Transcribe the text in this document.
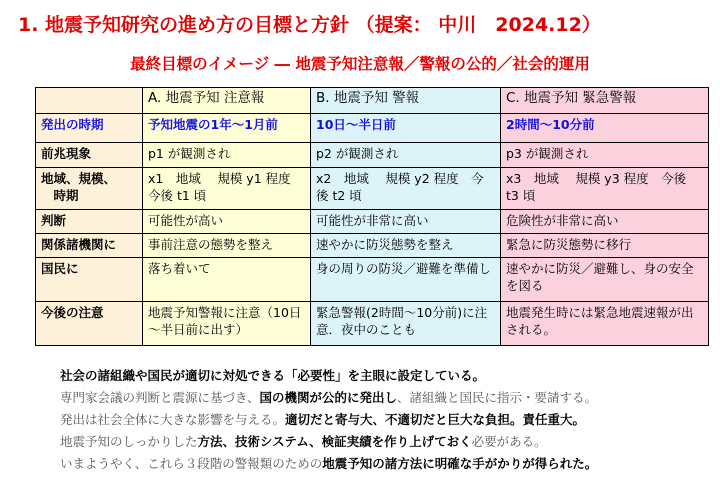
1. 地震予知研究の進め方の目標と方針 （提案： 中川　2024.12）
最終目標のイメージ ― 地震予知注意報／警報の公的／社会的運用
	A. 地震予知 注意報	B. 地震予知 警報	C. 地震予知 緊急警報
発出の時期	予知地震の1年～1月前	10日～半日前	2時間～10分前
前兆現象	p1 が観測され	p2 が観測され	p3 が観測され
地域、規模、
　時期	x1　地域　 規模 y1 程度　今後 t1 頃	x2　地域　 規模 y2 程度　今後 t2 頃	x3　地域　 規模 y3 程度　今後　t3 頃
判断	可能性が高い	可能性が非常に高い	危険性が非常に高い
関係諸機関に	事前注意の態勢を整え	速やかに防災態勢を整え	緊急に防災態勢に移行
国民に	落ち着いて	身の周りの防災／避難を準備し	速やかに防災／避難し、身の安全を図る
今後の注意	地震予知警報に注意（10日～半日前に出す）	緊急警報(2時間～10分前)に注意．夜中のことも	地震発生時には緊急地震速報が出される。

社会の諸組織や国民が適切に対処できる「必要性」を主眼に設定している。

専門家会議の判断と震源に基づき、国の機関が公的に発出し、諸組織と国民に指示・要請する。

発出は社会全体に大きな影響を与える。適切だと寄与大、不適切だと巨大な負担。責任重大。

地震予知のしっかりした方法、技術システム、検証実績を作り上げておく必要がある。

いまようやく、これら３段階の警報類のための地震予知の諸方法に明確な手がかりが得られた。
